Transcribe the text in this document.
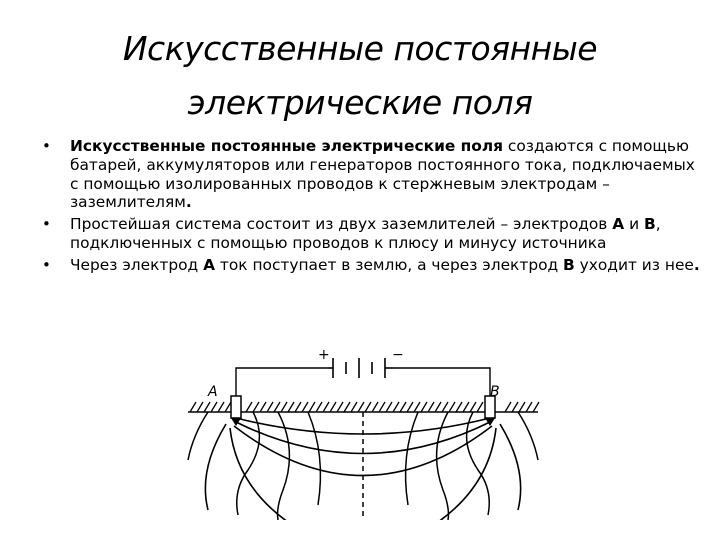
Искусственные постоянные
электрические поля
• Искусственные постоянные электрические поля создаются с помощью батарей, аккумуляторов или генераторов постоянного тока, подключаемых с помощью изолированных проводов к стержневым электродам – заземлителям.
• Простейшая система состоит из двух заземлителей – электродов А и В, подключенных с помощью проводов к плюсу и минусу источника
• Через электрод А ток поступает в землю, а через электрод В уходит из нее.
+	−
A	B
